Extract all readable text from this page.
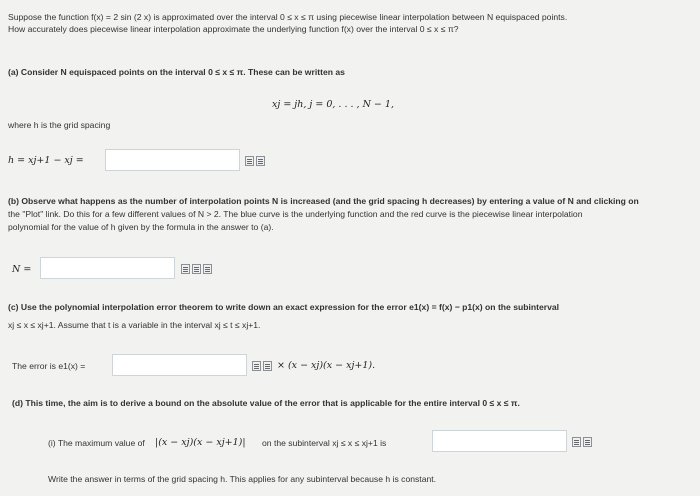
Suppose the function f(x) = 2 sin (2 x) is approximated over the interval 0 ≤ x ≤ π using piecewise linear interpolation between N equispaced points.
How accurately does piecewise linear interpolation approximate the underlying function f(x) over the interval 0 ≤ x ≤ π?
(a) Consider N equispaced points on the interval 0 ≤ x ≤ π. These can be written as
xj = jh, j = 0, . . . , N − 1,
where h is the grid spacing
h = xj+1 − xj =
(b) Observe what happens as the number of interpolation points N is increased (and the grid spacing h decreases) by entering a value of N and clicking on
the "Plot" link. Do this for a few different values of N > 2. The blue curve is the underlying function and the red curve is the piecewise linear interpolation
polynomial for the value of h given by the formula in the answer to (a).
N =
(c) Use the polynomial interpolation error theorem to write down an exact expression for the error e1(x) = f(x) − p1(x) on the subinterval
xj ≤ x ≤ xj+1. Assume that t is a variable in the interval xj ≤ t ≤ xj+1.
The error is e1(x) =	× (x − xj)(x − xj+1).
(d) This time, the aim is to derive a bound on the absolute value of the error that is applicable for the entire interval 0 ≤ x ≤ π.
(i) The maximum value of |(x − xj)(x − xj+1)| on the subinterval xj ≤ x ≤ xj+1 is
Write the answer in terms of the grid spacing h. This applies for any subinterval because h is constant.
